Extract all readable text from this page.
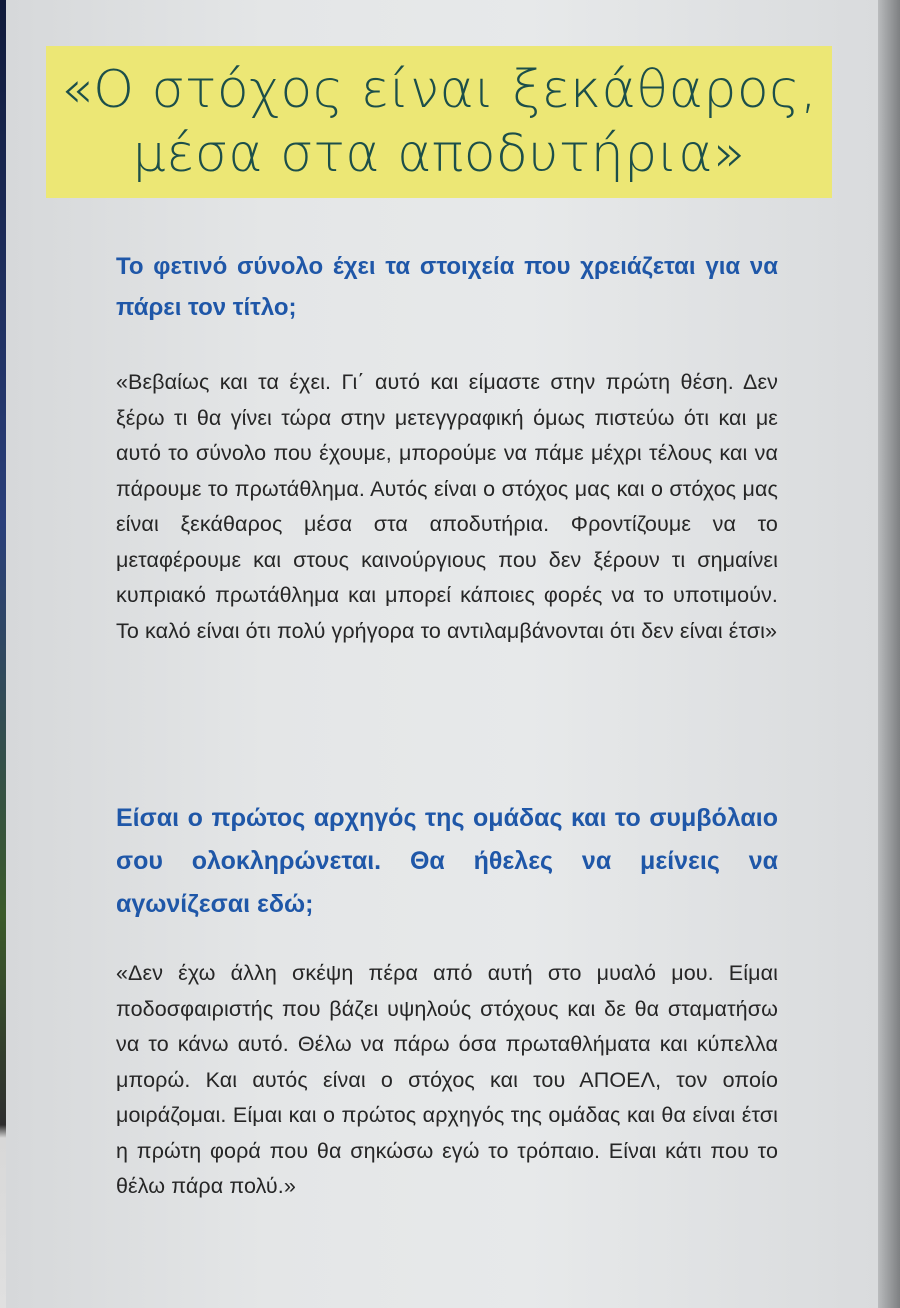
«Ο στόχος είναι ξεκάθαρος,
μέσα στα αποδυτήρια»

Το φετινό σύνολο έχει τα στοιχεία που χρειάζεται για να πάρει τον τίτλο;

«Βεβαίως και τα έχει. Γι΄ αυτό και είμαστε στην πρώτη θέση. Δεν ξέρω τι θα γίνει τώρα στην μετεγγραφική όμως πιστεύω ότι και με αυτό το σύνολο που έχουμε, μπορούμε να πάμε μέχρι τέλους και να πάρουμε το πρωτάθλημα. Αυτός είναι ο στόχος μας και ο στόχος μας είναι ξεκάθαρος μέσα στα αποδυτήρια. Φροντίζουμε να το μεταφέρουμε και στους καινούργιους που δεν ξέρουν τι σημαίνει κυπριακό πρωτάθλημα και μπορεί κάποιες φορές να το υποτιμούν. Το καλό είναι ότι πολύ γρήγορα το αντιλαμβάνονται ότι δεν είναι έτσι»

Είσαι ο πρώτος αρχηγός της ομάδας και το συμβόλαιο σου ολοκληρώνεται. Θα ήθελες να μείνεις να αγωνίζεσαι εδώ;

«Δεν έχω άλλη σκέψη πέρα από αυτή στο μυαλό μου. Είμαι ποδοσφαιριστής που βάζει υψηλούς στόχους και δε θα σταματήσω να το κάνω αυτό. Θέλω να πάρω όσα πρωταθλήματα και κύπελλα μπορώ. Και αυτός είναι ο στόχος και του ΑΠΟΕΛ, τον οποίο μοιράζομαι. Είμαι και ο πρώτος αρχηγός της ομάδας και θα είναι έτσι η πρώτη φορά που θα σηκώσω εγώ το τρόπαιο. Είναι κάτι που το θέλω πάρα πολύ.»
